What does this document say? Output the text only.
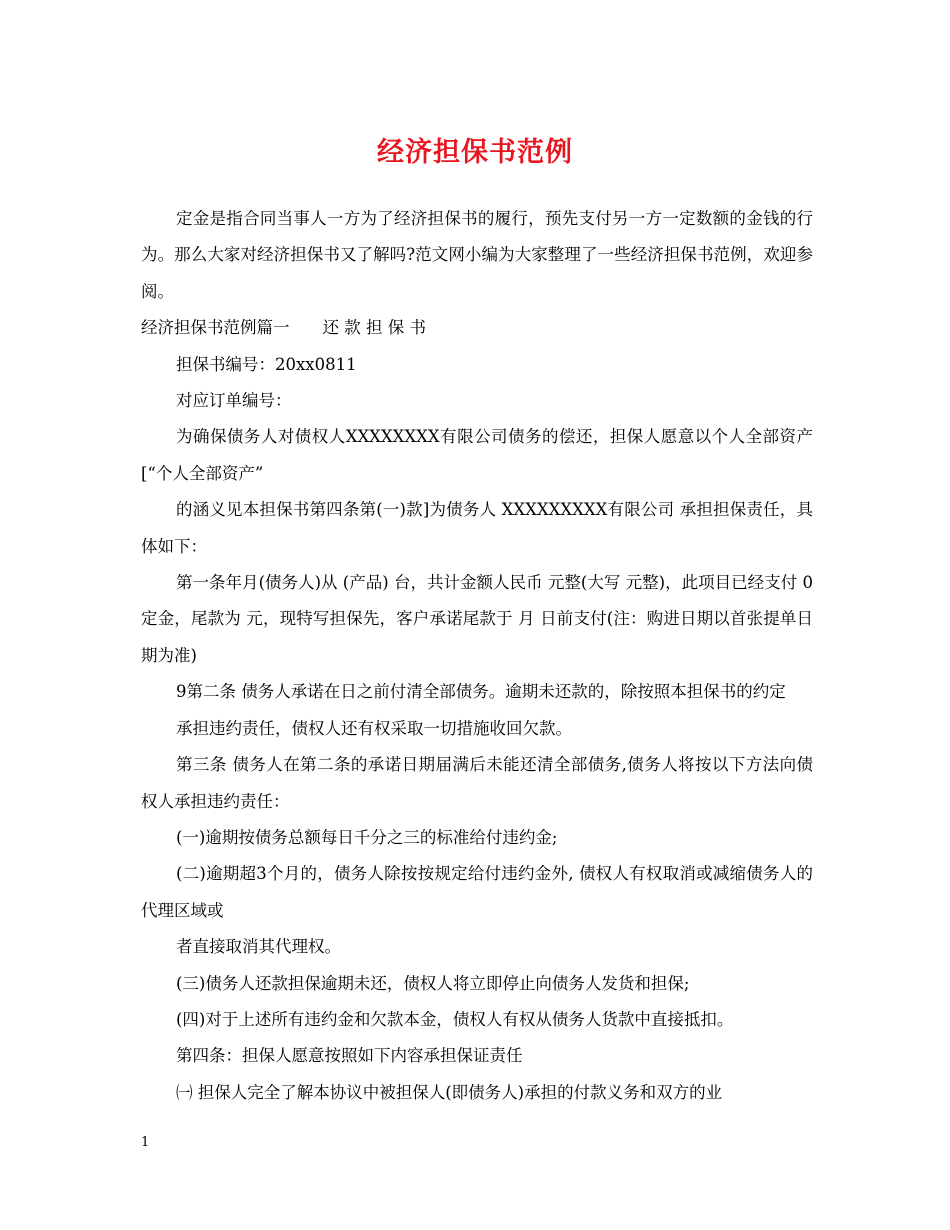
经济担保书范例

定金是指合同当事人一方为了经济担保书的履行，预先支付另一方一定数额的金钱的行为。那么大家对经济担保书又了解吗?范文网小编为大家整理了一些经济担保书范例，欢迎参阅。

经济担保书范例篇一　　还 款 担 保 书

担保书编号：20xx0811

对应订单编号：

为确保债务人对债权人XXXXXXXX有限公司债务的偿还，担保人愿意以个人全部资产[“个人全部资产”

的涵义见本担保书第四条第(一)款]为债务人 XXXXXXXXX有限公司 承担担保责任，具体如下：

第一条年月(债务人)从 (产品) 台，共计金额人民币 元整(大写 元整)，此项目已经支付 0 定金，尾款为 元，现特写担保先，客户承诺尾款于 月 日前支付(注：购进日期以首张提单日期为准)

9第二条 债务人承诺在日之前付清全部债务。逾期未还款的，除按照本担保书的约定

承担违约责任，债权人还有权采取一切措施收回欠款。

第三条 债务人在第二条的承诺日期届满后未能还清全部债务,债务人将按以下方法向债权人承担违约责任：

(一)逾期按债务总额每日千分之三的标准给付违约金;

(二)逾期超3个月的，债务人除按按规定给付违约金外, 债权人有权取消或减缩债务人的代理区域或

者直接取消其代理权。

(三)债务人还款担保逾期未还，债权人将立即停止向债务人发货和担保;

(四)对于上述所有违约金和欠款本金，债权人有权从债务人货款中直接抵扣。

第四条：担保人愿意按照如下内容承担保证责任

㈠ 担保人完全了解本协议中被担保人(即债务人)承担的付款义务和双方的业

1
